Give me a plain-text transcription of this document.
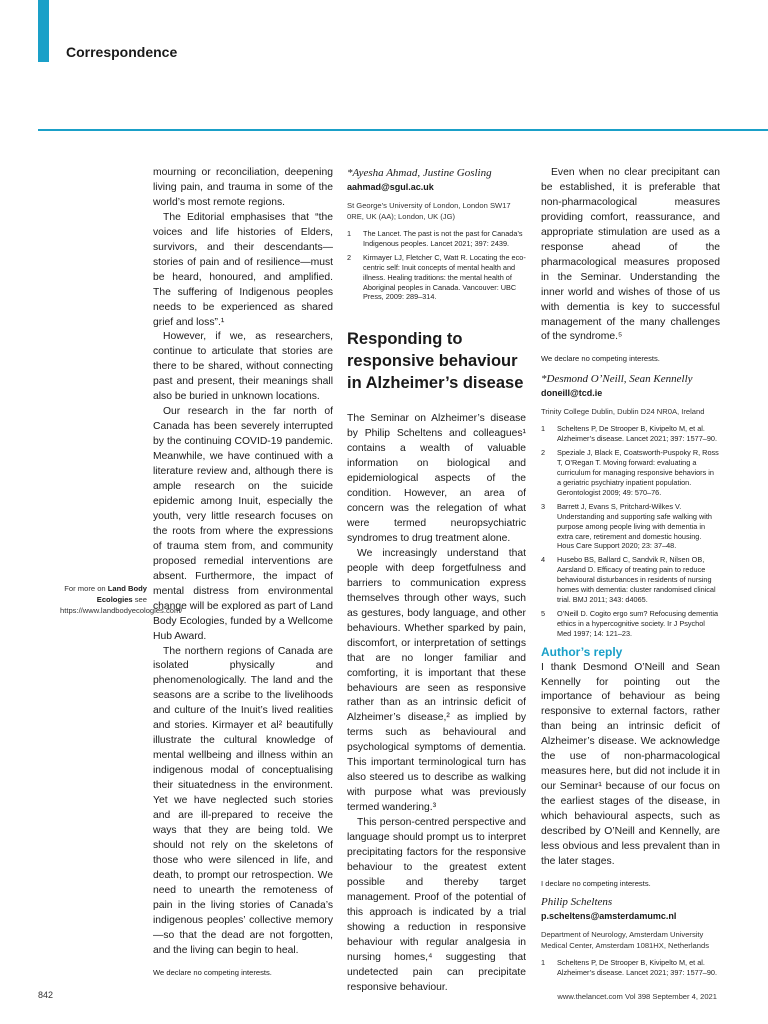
Correspondence
For more on Land Body Ecologies see https://www.landbodyecologies.com/

mourning or reconciliation, deepening living pain, and trauma in some of the world’s most remote regions.

The Editorial emphasises that “the voices and life histories of Elders, survivors, and their descendants—stories of pain and of resilience—must be heard, honoured, and amplified. The suffering of Indigenous peoples needs to be experienced as shared grief and loss”.¹

However, if we, as researchers, continue to articulate that stories are there to be shared, without connecting past and present, their meanings shall also be buried in unknown locations.

Our research in the far north of Canada has been severely interrupted by the continuing COVID-19 pandemic. Meanwhile, we have continued with a literature review and, although there is ample research on the suicide epidemic among Inuit, especially the youth, very little research focuses on the roots from where the expressions of trauma stem from, and community proposed remedial interventions are absent. Furthermore, the impact of mental distress from environmental change will be explored as part of Land Body Ecologies, funded by a Wellcome Hub Award.

The northern regions of Canada are isolated physically and phenomenologically. The land and the seasons are a scribe to the livelihoods and culture of the Inuit’s lived realities and stories. Kirmayer et al² beautifully illustrate the cultural knowledge of mental wellbeing and illness within an indigenous modal of conceptualising their situatedness in the environment. Yet we have neglected such stories and are ill-prepared to receive the ways that they are being told. We should not rely on the skeletons of those who were silenced in life, and death, to prompt our retrospection. We need to unearth the remoteness of pain in the living stories of Canada’s indigenous peoples’ collective memory—so that the dead are not forgotten, and the living can begin to heal.

We declare no competing interests.

*Ayesha Ahmad, Justine Gosling

aahmad@sgul.ac.uk

St George’s University of London, London SW17 0RE, UK (AA); London, UK (JG)

1	The Lancet. The past is not the past for Canada’s Indigenous peoples. Lancet 2021; 397: 2439.
2	Kirmayer LJ, Fletcher C, Watt R. Locating the eco-centric self: Inuit concepts of mental health and illness. Healing traditions: the mental health of Aboriginal peoples in Canada. Vancouver: UBC Press, 2009: 289–314.
Responding to responsive behaviour in Alzheimer’s disease

The Seminar on Alzheimer’s disease by Philip Scheltens and colleagues¹ contains a wealth of valuable information on biological and epidemiological aspects of the condition. However, an area of concern was the relegation of what were termed neuropsychiatric syndromes to drug treatment alone.

We increasingly understand that people with deep forgetfulness and barriers to communication express themselves through other ways, such as gestures, body language, and other behaviours. Whether sparked by pain, discomfort, or interpretation of settings that are no longer familiar and comforting, it is important that these behaviours are seen as responsive rather than as an intrinsic deficit of Alzheimer’s disease,² as implied by terms such as behavioural and psychological symptoms of dementia. This important terminological turn has also steered us to describe as walking with purpose what was previously termed wandering.³

This person-centred perspective and language should prompt us to interpret precipitating factors for the responsive behaviour to the greatest extent possible and thereby target management. Proof of the potential of this approach is indicated by a trial showing a reduction in responsive behaviour with regular analgesia in nursing homes,⁴ suggesting that undetected pain can precipitate responsive behaviour.

Even when no clear precipitant can be established, it is preferable that non-pharmacological measures providing comfort, reassurance, and appropriate stimulation are used as a response ahead of the pharmacological measures proposed in the Seminar. Understanding the inner world and wishes of those of us with dementia is key to successful management of the many challenges of the syndrome.⁵

We declare no competing interests.

*Desmond O’Neill, Sean Kennelly

doneill@tcd.ie

Trinity College Dublin, Dublin D24 NR0A, Ireland

1	Scheltens P, De Strooper B, Kivipelto M, et al. Alzheimer’s disease. Lancet 2021; 397: 1577–90.
2	Speziale J, Black E, Coatsworth-Puspoky R, Ross T, O’Regan T. Moving forward: evaluating a curriculum for managing responsive behaviors in a geriatric psychiatry inpatient population. Gerontologist 2009; 49: 570–76.
3	Barrett J, Evans S, Pritchard-Wilkes V. Understanding and supporting safe walking with purpose among people living with dementia in extra care, retirement and domestic housing. Hous Care Support 2020; 23: 37–48.
4	Husebo BS, Ballard C, Sandvik R, Nilsen OB, Aarsland D. Efficacy of treating pain to reduce behavioural disturbances in residents of nursing homes with dementia: cluster randomised clinical trial. BMJ 2011; 343: d4065.
5	O’Neill D. Cogito ergo sum? Refocusing dementia ethics in a hypercognitive society. Ir J Psychol Med 1997; 14: 121–23.
Author’s reply

I thank Desmond O’Neill and Sean Kennelly for pointing out the importance of behaviour as being responsive to external factors, rather than being an intrinsic deficit of Alzheimer’s disease. We acknowledge the use of non-pharmacological measures here, but did not include it in our Seminar¹ because of our focus on the earliest stages of the disease, in which behavioural aspects, such as described by O’Neill and Kennelly, are less obvious and less prevalent than in the later stages.

I declare no competing interests.

Philip Scheltens

p.scheltens@amsterdamumc.nl

Department of Neurology, Amsterdam University Medical Center, Amsterdam 1081HX, Netherlands

1	Scheltens P, De Strooper B, Kivipelto M, et al. Alzheimer’s disease. Lancet 2021; 397: 1577–90.
842	www.thelancet.com Vol 398 September 4, 2021
